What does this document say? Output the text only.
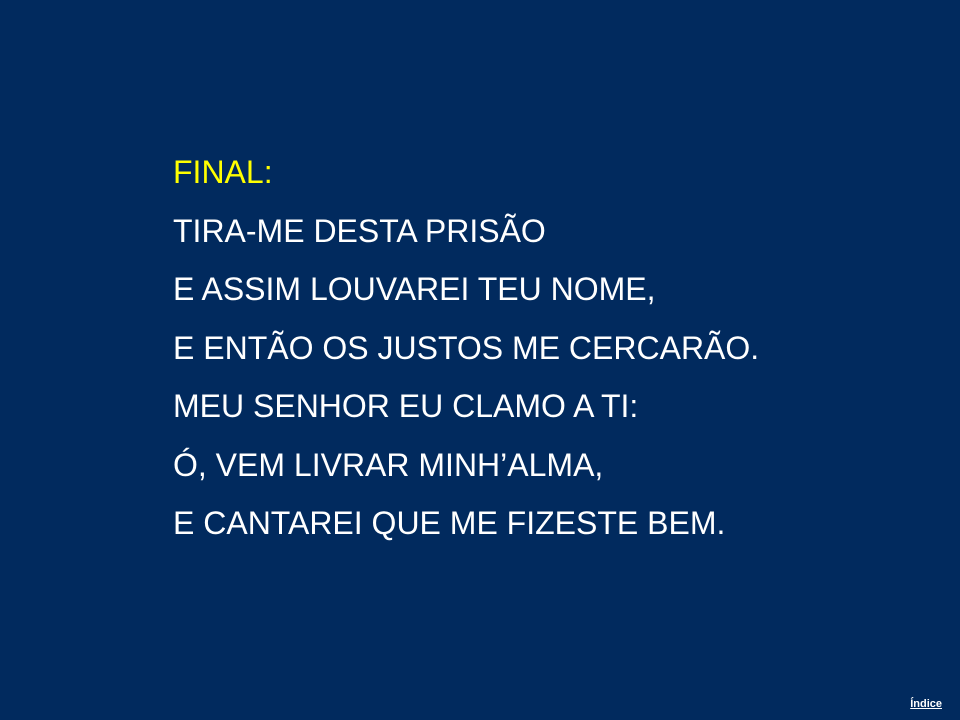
FINAL:
TIRA-ME DESTA PRISÃO
E ASSIM LOUVAREI TEU NOME,
E ENTÃO OS JUSTOS ME CERCARÃO.
MEU SENHOR EU CLAMO A TI:
Ó, VEM LIVRAR MINH’ALMA,
E CANTAREI QUE ME FIZESTE BEM.
Índice
